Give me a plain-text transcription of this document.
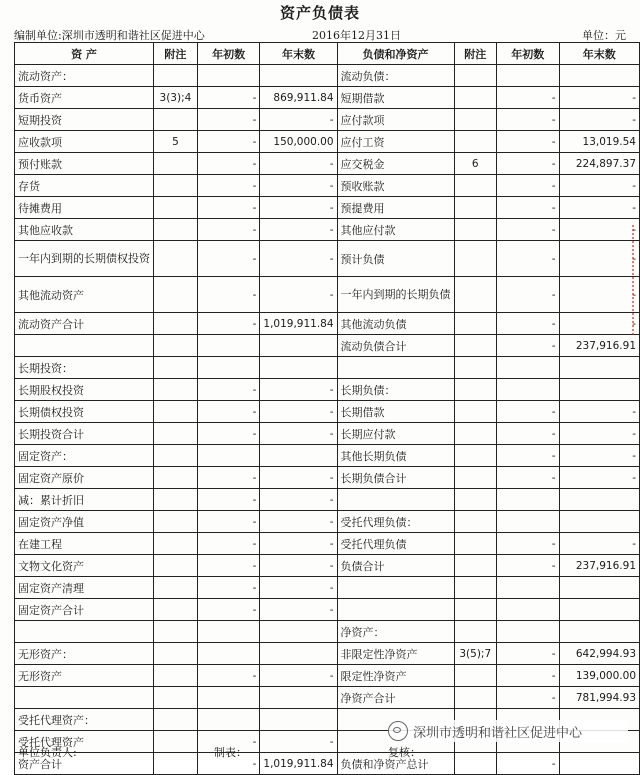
资产负债表
编制单位:深圳市透明和谐社区促进中心	2016年12月31日	单位：元
资 产	附注	年初数	年末数	负债和净资产	附注	年初数	年末数
流动资产：				流动负债：			
货币资产	3(3);4	-	869,911.84	短期借款		-	-
短期投资		-	-	应付款项		-	-
应收款项	5	-	150,000.00	应付工资		-	13,019.54
预付账款		-	-	应交税金	6	-	224,897.37
存货		-	-	预收账款		-	-
待摊费用		-	-	预提费用		-	-
其他应收款		-	-	其他应付款		-	-
一年内到期的长期债权投资		-	-	预计负债		-	-
其他流动资产		-	-	一年内到期的长期负债		-	-
流动资产合计		-	1,019,911.84	其他流动负债		-	-
				流动负债合计		-	237,916.91
长期投资：							
长期股权投资		-	-	长期负债：			
长期债权投资		-	-	长期借款		-	-
长期投资合计		-	-	长期应付款		-	-
固定资产：				其他长期负债		-	-
固定资产原价		-	-	长期负债合计		-	-
减：累计折旧		-	-				
固定资产净值		-	-	受托代理负债：			
在建工程		-	-	受托代理负债		-	-
文物文化资产		-	-	负债合计		-	237,916.91
固定资产清理		-	-				
固定资产合计		-	-				
				净资产：			
无形资产：				非限定性净资产	3(5);7	-	642,994.93
无形资产		-	-	限定性净资产		-	139,000.00
				净资产合计		-	781,994.93
受托代理资产：							
受托代理资产		-	-				
资产合计		-	1,019,911.84	负债和净资产总计		-	
深圳市透明和谐社区促进中心
单位负责人:	制表：	复核：
